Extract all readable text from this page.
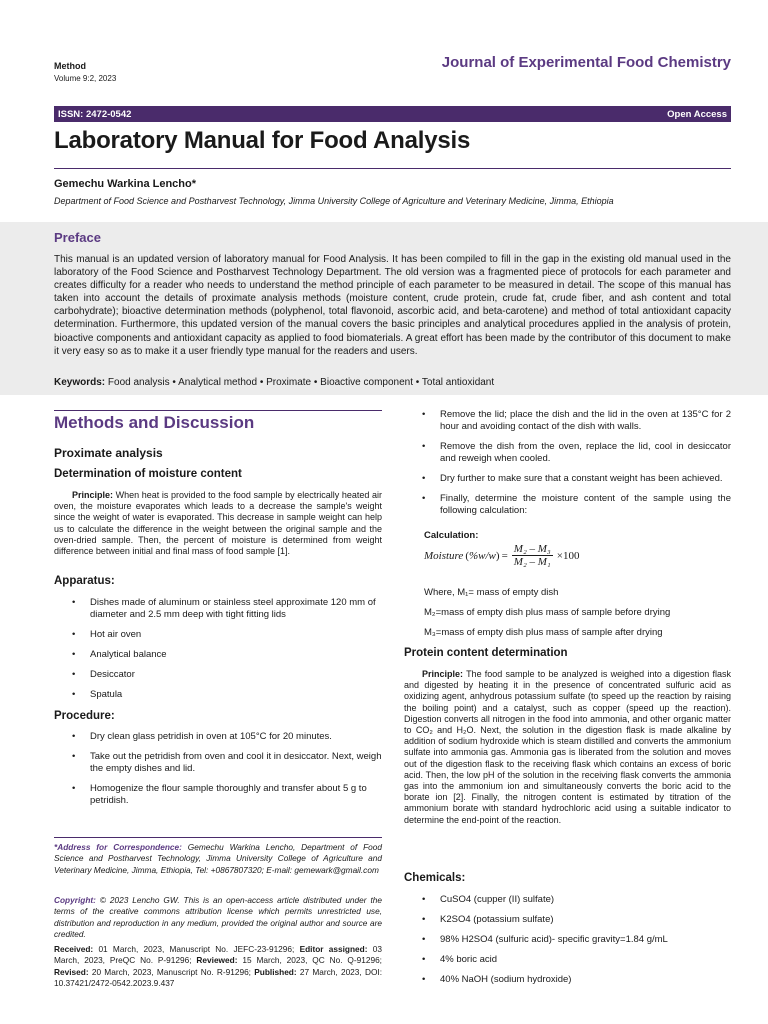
Method
Volume 9:2, 2023
Journal of Experimental Food Chemistry
ISSN: 2472-0542	Open Access
Laboratory Manual for Food Analysis
Gemechu Warkina Lencho*
Department of Food Science and Postharvest Technology, Jimma University College of Agriculture and Veterinary Medicine, Jimma, Ethiopia
Preface
This manual is an updated version of laboratory manual for Food Analysis. It has been compiled to fill in the gap in the existing old manual used in the laboratory of the Food Science and Postharvest Technology Department. The old version was a fragmented piece of protocols for each parameter and creates difficulty for a reader who needs to understand the method principle of each parameter to be measured in detail. The scope of this manual has taken into account the details of proximate analysis methods (moisture content, crude protein, crude fat, crude fiber, and ash content and total carbohydrate); bioactive determination methods (polyphenol, total flavonoid, ascorbic acid, and beta-carotene) and method of total antioxidant capacity determination. Furthermore, this updated version of the manual covers the basic principles and analytical procedures applied in the analysis of protein, bioactive components and antioxidant capacity as applied to food biomaterials. A great effort has been made by the contributor of this document to make it very easy so as to make it a user friendly type manual for the readers and users.
Keywords: Food analysis • Analytical method • Proximate • Bioactive component • Total antioxidant
Methods and Discussion
Proximate analysis
Determination of moisture content
Principle: When heat is provided to the food sample by electrically heated air oven, the moisture evaporates which leads to a decrease the sample's weight since the weight of water is evaporated. This decrease in sample weight can help us to calculate the difference in the weight between the original sample and the oven-dried sample. Then, the percent of moisture is determined from weight difference between initial and final mass of food sample [1].
Apparatus:
• Dishes made of aluminum or stainless steel approximate 120 mm of diameter and 2.5 mm deep with tight fitting lids
• Hot air oven
• Analytical balance
• Desiccator
• Spatula
Procedure:
• Dry clean glass petridish in oven at 105°C for 20 minutes.
• Take out the petridish from oven and cool it in desiccator. Next, weigh the empty dishes and lid.
• Homogenize the flour sample thoroughly and transfer about 5 g to petridish.
*Address for Correspondence: Gemechu Warkina Lencho, Department of Food Science and Postharvest Technology, Jimma University College of Agriculture and Veterinary Medicine, Jimma, Ethiopia, Tel: +0867807320; E-mail: gemewark@gmail.com
Copyright: © 2023 Lencho GW. This is an open-access article distributed under the terms of the creative commons attribution license which permits unrestricted use, distribution and reproduction in any medium, provided the original author and source are credited.
Received: 01 March, 2023, Manuscript No. JEFC-23-91296; Editor assigned: 03 March, 2023, PreQC No. P-91296; Reviewed: 15 March, 2023, QC No. Q-91296; Revised: 20 March, 2023, Manuscript No. R-91296; Published: 27 March, 2023, DOI: 10.37421/2472-0542.2023.9.437
• Remove the lid; place the dish and the lid in the oven at 135°C for 2 hour and avoiding contact of the dish with walls.
• Remove the dish from the oven, replace the lid, cool in desiccator and reweigh when cooled.
• Dry further to make sure that a constant weight has been achieved.
• Finally, determine the moisture content of the sample using the following calculation:
Calculation:
Moisture $(\%w/w) = \frac{\text{M₂ – M₃}}{\text{M₂ – M₁}} \times 100$
Where, M₁= mass of empty dish
M₂=mass of empty dish plus mass of sample before drying
M₃=mass of empty dish plus mass of sample after drying
Protein content determination
Principle: The food sample to be analyzed is weighed into a digestion flask and digested by heating it in the presence of concentrated sulfuric acid as oxidizing agent, anhydrous potassium sulfate (to speed up the reaction by raising the boiling point) and a catalyst, such as copper (speed up the reaction). Digestion converts all nitrogen in the food into ammonia, and other organic matter to CO₂ and H₂O. Next, the solution in the digestion flask is made alkaline by addition of sodium hydroxide which is steam distilled and converts the ammonium sulfate into ammonia gas. Ammonia gas is liberated from the solution and moves out of the digestion flask to the receiving flask which contains an excess of boric acid. Then, the low pH of the solution in the receiving flask converts the ammonia gas into the ammonium ion and simultaneously converts the boric acid to the borate ion [2]. Finally, the nitrogen content is estimated by titration of the ammonium borate with standard hydrochloric acid using a suitable indicator to determine the end-point of the reaction.
Chemicals:
• CuSO4 (cupper (II) sulfate)
• K2SO4 (potassium sulfate)
• 98% H2SO4 (sulfuric acid)- specific gravity=1.84 g/mL
• 4% boric acid
• 40% NaOH (sodium hydroxide)
